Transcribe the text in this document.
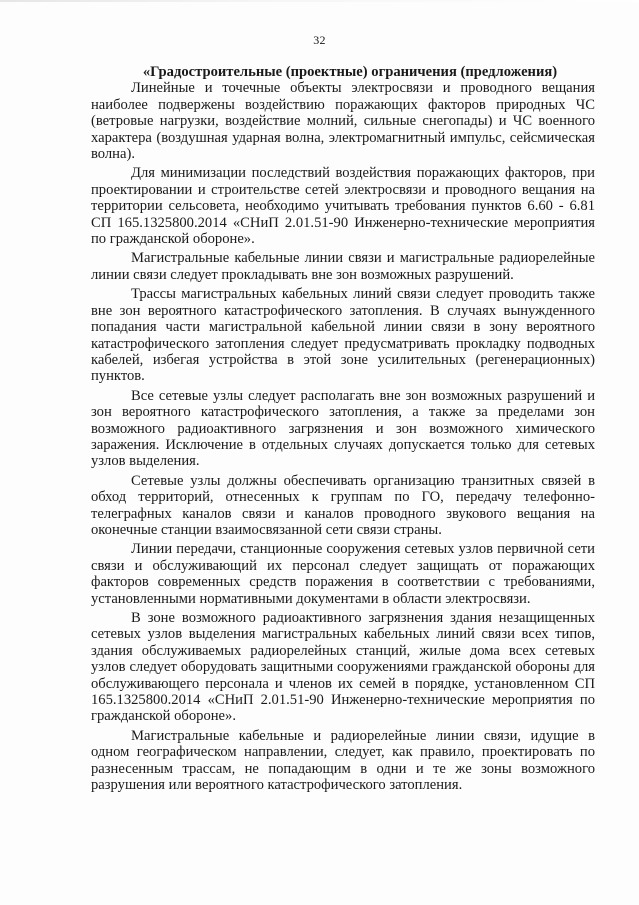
32

«Градостроительные (проектные) ограничения (предложения)

Линейные и точечные объекты электросвязи и проводного вещания наиболее подвержены воздействию поражающих факторов природных ЧС (ветровые нагрузки, воздействие молний, сильные снегопады) и ЧС военного характера (воздушная ударная волна, электромагнитный импульс, сейсмическая волна).

Для минимизации последствий воздействия поражающих факторов, при проектировании и строительстве сетей электросвязи и проводного вещания на территории сельсовета, необходимо учитывать требования пунктов 6.60 - 6.81 СП 165.1325800.2014 «СНиП 2.01.51-90 Инженерно-технические мероприятия по гражданской обороне».

Магистральные кабельные линии связи и магистральные радиорелейные линии связи следует прокладывать вне зон возможных разрушений.

Трассы магистральных кабельных линий связи следует проводить также вне зон вероятного катастрофического затопления. В случаях вынужденного попадания части магистральной кабельной линии связи в зону вероятного катастрофического затопления следует предусматривать прокладку подводных кабелей, избегая устройства в этой зоне усилительных (регенерационных) пунктов.

Все сетевые узлы следует располагать вне зон возможных разрушений и зон вероятного катастрофического затопления, а также за пределами зон возможного радиоактивного загрязнения и зон возможного химического заражения. Исключение в отдельных случаях допускается только для сетевых узлов выделения.

Сетевые узлы должны обеспечивать организацию транзитных связей в обход территорий, отнесенных к группам по ГО, передачу телефонно-телеграфных каналов связи и каналов проводного звукового вещания на оконечные станции взаимосвязанной сети связи страны.

Линии передачи, станционные сооружения сетевых узлов первичной сети связи и обслуживающий их персонал следует защищать от поражающих факторов современных средств поражения в соответствии с требованиями, установленными нормативными документами в области электросвязи.

В зоне возможного радиоактивного загрязнения здания незащищенных сетевых узлов выделения магистральных кабельных линий связи всех типов, здания обслуживаемых радиорелейных станций, жилые дома всех сетевых узлов следует оборудовать защитными сооружениями гражданской обороны для обслуживающего персонала и членов их семей в порядке, установленном СП 165.1325800.2014 «СНиП 2.01.51-90 Инженерно-технические мероприятия по гражданской обороне».

Магистральные кабельные и радиорелейные линии связи, идущие в одном географическом направлении, следует, как правило, проектировать по разнесенным трассам, не попадающим в одни и те же зоны возможного разрушения или вероятного катастрофического затопления.
